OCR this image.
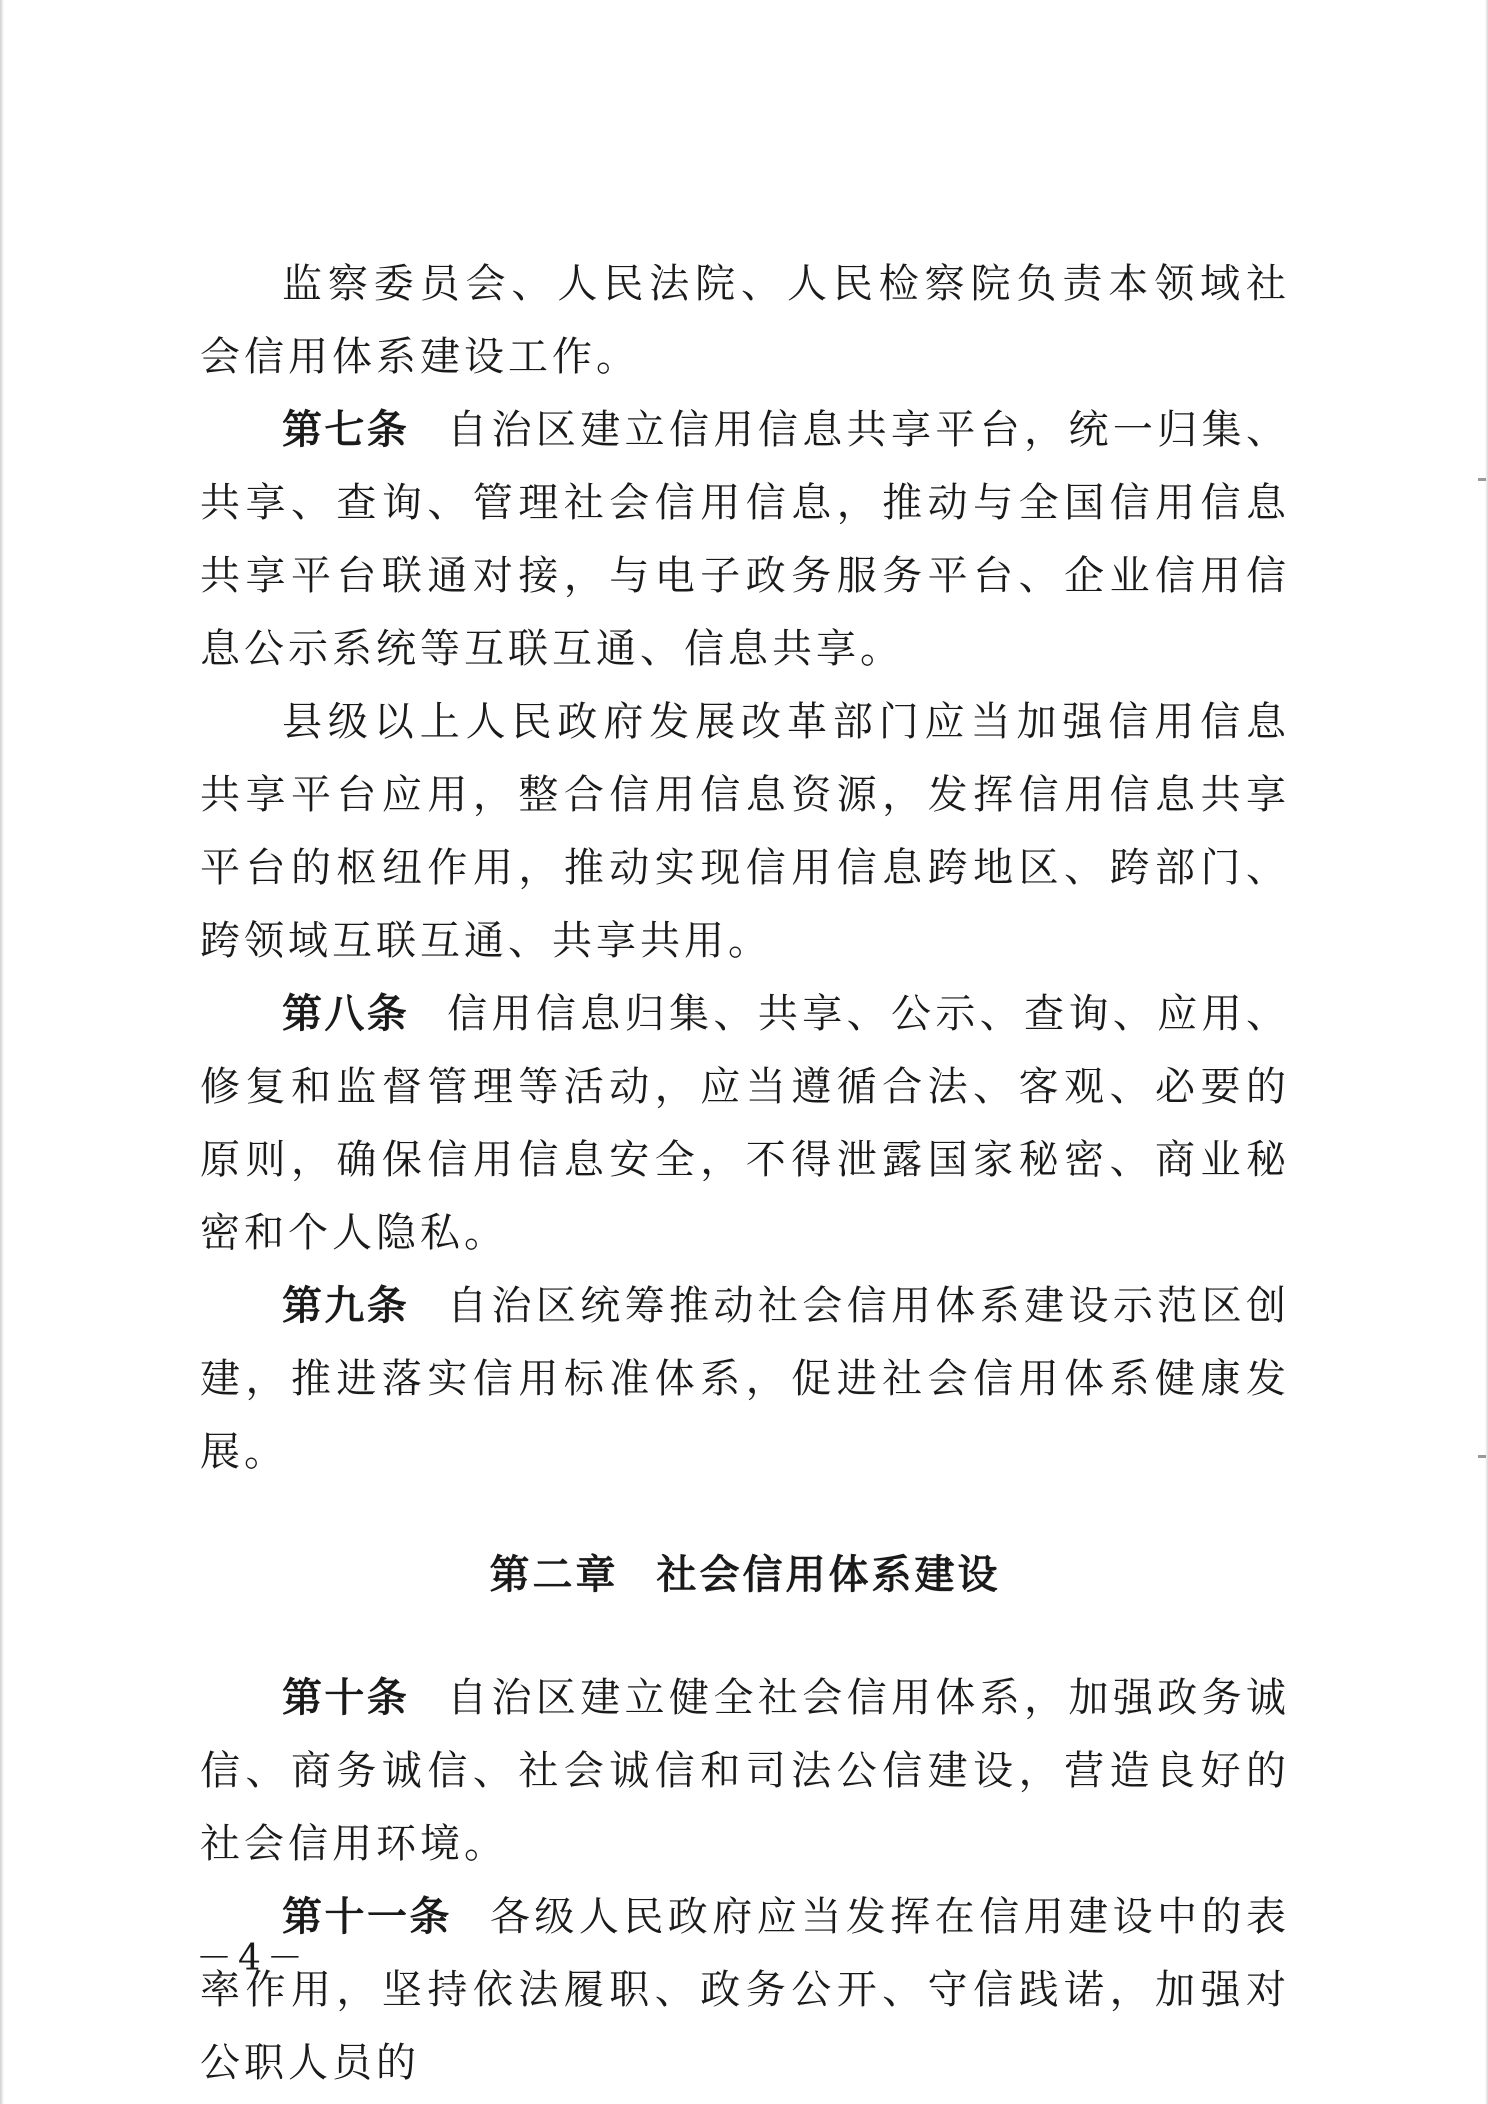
监察委员会、人民法院、人民检察院负责本领域社会信用体系建设工作。

第七条 自治区建立信用信息共享平台，统一归集、共享、查询、管理社会信用信息，推动与全国信用信息共享平台联通对接，与电子政务服务平台、企业信用信息公示系统等互联互通、信息共享。

县级以上人民政府发展改革部门应当加强信用信息共享平台应用，整合信用信息资源，发挥信用信息共享平台的枢纽作用，推动实现信用信息跨地区、跨部门、跨领域互联互通、共享共用。

第八条 信用信息归集、共享、公示、查询、应用、修复和监督管理等活动，应当遵循合法、客观、必要的原则，确保信用信息安全，不得泄露国家秘密、商业秘密和个人隐私。

第九条 自治区统筹推动社会信用体系建设示范区创建，推进落实信用标准体系，促进社会信用体系健康发展。

第二章 社会信用体系建设

第十条 自治区建立健全社会信用体系，加强政务诚信、商务诚信、社会诚信和司法公信建设，营造良好的社会信用环境。

第十一条 各级人民政府应当发挥在信用建设中的表率作用，坚持依法履职、政务公开、守信践诺，加强对公职人员的

－4－
